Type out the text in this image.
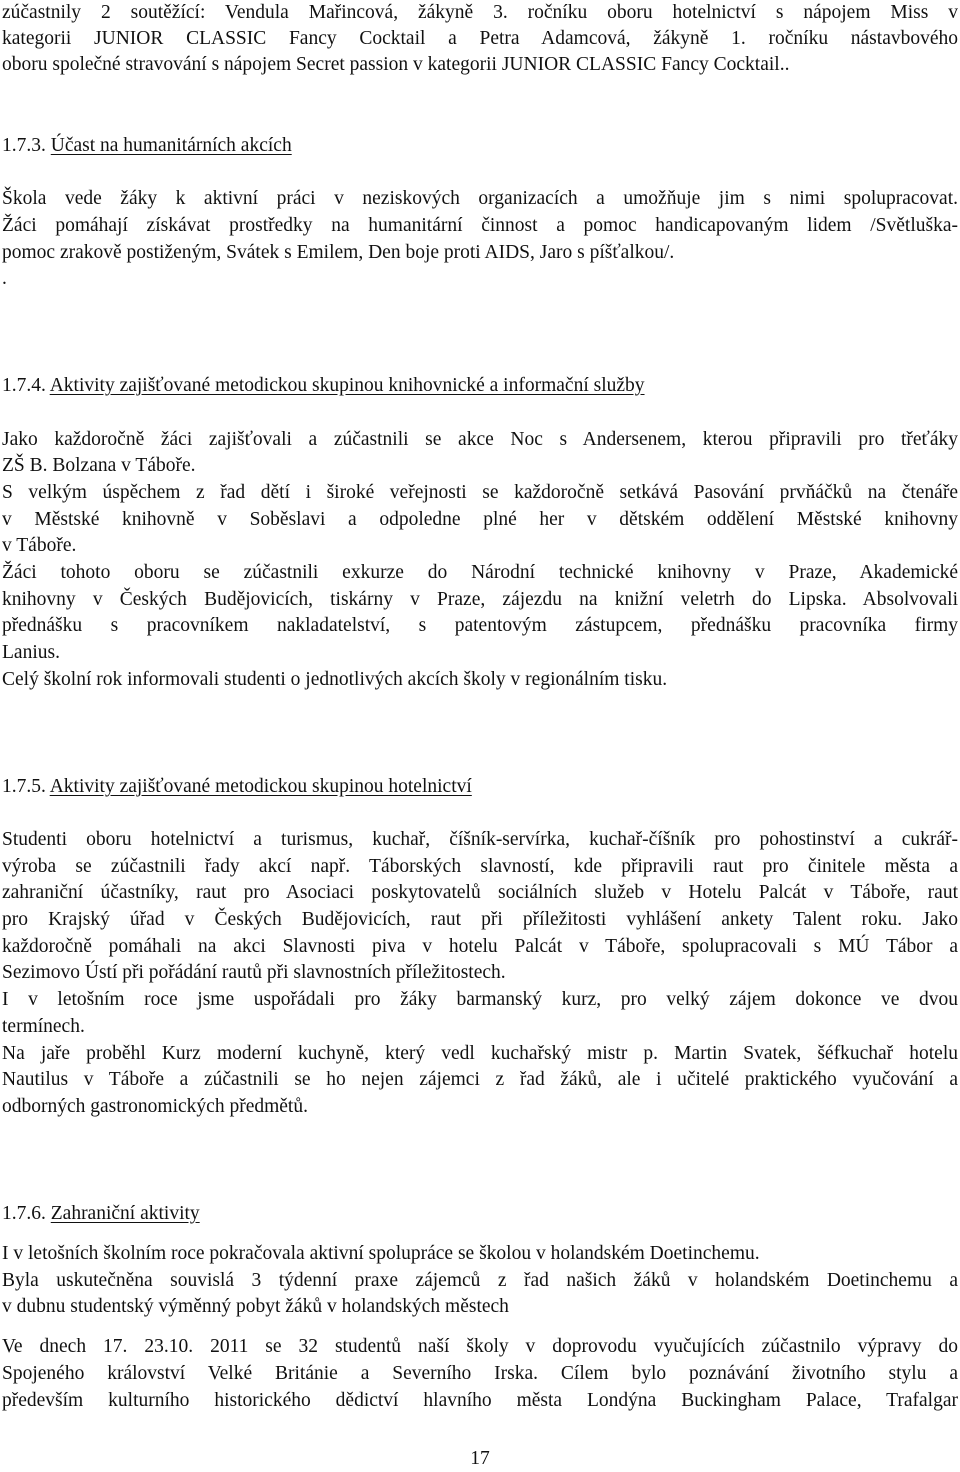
zúčastnily 2 soutěžící: Vendula Mařincová, žákyně 3. ročníku oboru hotelnictví s nápojem Miss v
kategorii JUNIOR CLASSIC Fancy Cocktail a Petra Adamcová, žákyně 1. ročníku nástavbového
oboru společné stravování s nápojem Secret passion v kategorii JUNIOR CLASSIC Fancy Cocktail..
1.7.3. Účast na humanitárních akcích
Škola vede žáky k aktivní práci v neziskových organizacích a umožňuje jim s nimi spolupracovat.
Žáci pomáhají získávat prostředky na humanitární činnost a pomoc handicapovaným lidem /Světluška-
pomoc zrakově postiženým, Svátek s Emilem, Den boje proti AIDS, Jaro s píšťalkou/.
.
1.7.4. Aktivity zajišťované metodickou skupinou knihovnické a informační služby
Jako každoročně žáci zajišťovali a zúčastnili se akce Noc s Andersenem, kterou připravili pro třeťáky
ZŠ B. Bolzana v Táboře.
S velkým úspěchem z řad dětí i široké veřejnosti se každoročně setkává Pasování prvňáčků na čtenáře
v Městské knihovně v Soběslavi a odpoledne plné her v dětském oddělení Městské knihovny
v Táboře.
Žáci tohoto oboru se zúčastnili exkurze do Národní technické knihovny v Praze, Akademické
knihovny v Českých Budějovicích, tiskárny v Praze, zájezdu na knižní veletrh do Lipska. Absolvovali
přednášku s pracovníkem nakladatelství, s patentovým zástupcem, přednášku pracovníka firmy
Lanius.
Celý školní rok informovali studenti o jednotlivých akcích školy v regionálním tisku.
1.7.5. Aktivity zajišťované metodickou skupinou hotelnictví
Studenti oboru hotelnictví a turismus, kuchař, číšník-servírka, kuchař-číšník pro pohostinství a cukrář-
výroba se zúčastnili řady akcí např. Táborských slavností, kde připravili raut pro činitele města a
zahraniční účastníky, raut pro Asociaci poskytovatelů sociálních služeb v Hotelu Palcát v Táboře, raut
pro Krajský úřad v Českých Budějovicích, raut při příležitosti vyhlášení ankety Talent roku. Jako
každoročně pomáhali na akci Slavnosti piva v hotelu Palcát v Táboře, spolupracovali s MÚ Tábor a
Sezimovo Ústí při pořádání rautů při slavnostních příležitostech.
I v letošním roce jsme uspořádali pro žáky barmanský kurz, pro velký zájem dokonce ve dvou
termínech.
Na jaře proběhl Kurz moderní kuchyně, který vedl kuchařský mistr p. Martin Svatek, šéfkuchař hotelu
Nautilus v Táboře a zúčastnili se ho nejen zájemci z řad žáků, ale i učitelé praktického vyučování a
odborných gastronomických předmětů.
1.7.6. Zahraniční aktivity
I v letošních školním roce pokračovala aktivní spolupráce se školou v holandském Doetinchemu.
Byla uskutečněna souvislá 3 týdenní praxe zájemců z řad našich žáků v holandském Doetinchemu a
v dubnu studentský výměnný pobyt žáků v holandských městech
Ve dnech 17. 23.10. 2011 se 32 studentů naší školy v doprovodu vyučujících zúčastnilo výpravy do
Spojeného království Velké Británie a Severního Irska. Cílem bylo poznávání životního stylu a
především kulturního historického dědictví hlavního města Londýna Buckingham Palace, Trafalgar
17
